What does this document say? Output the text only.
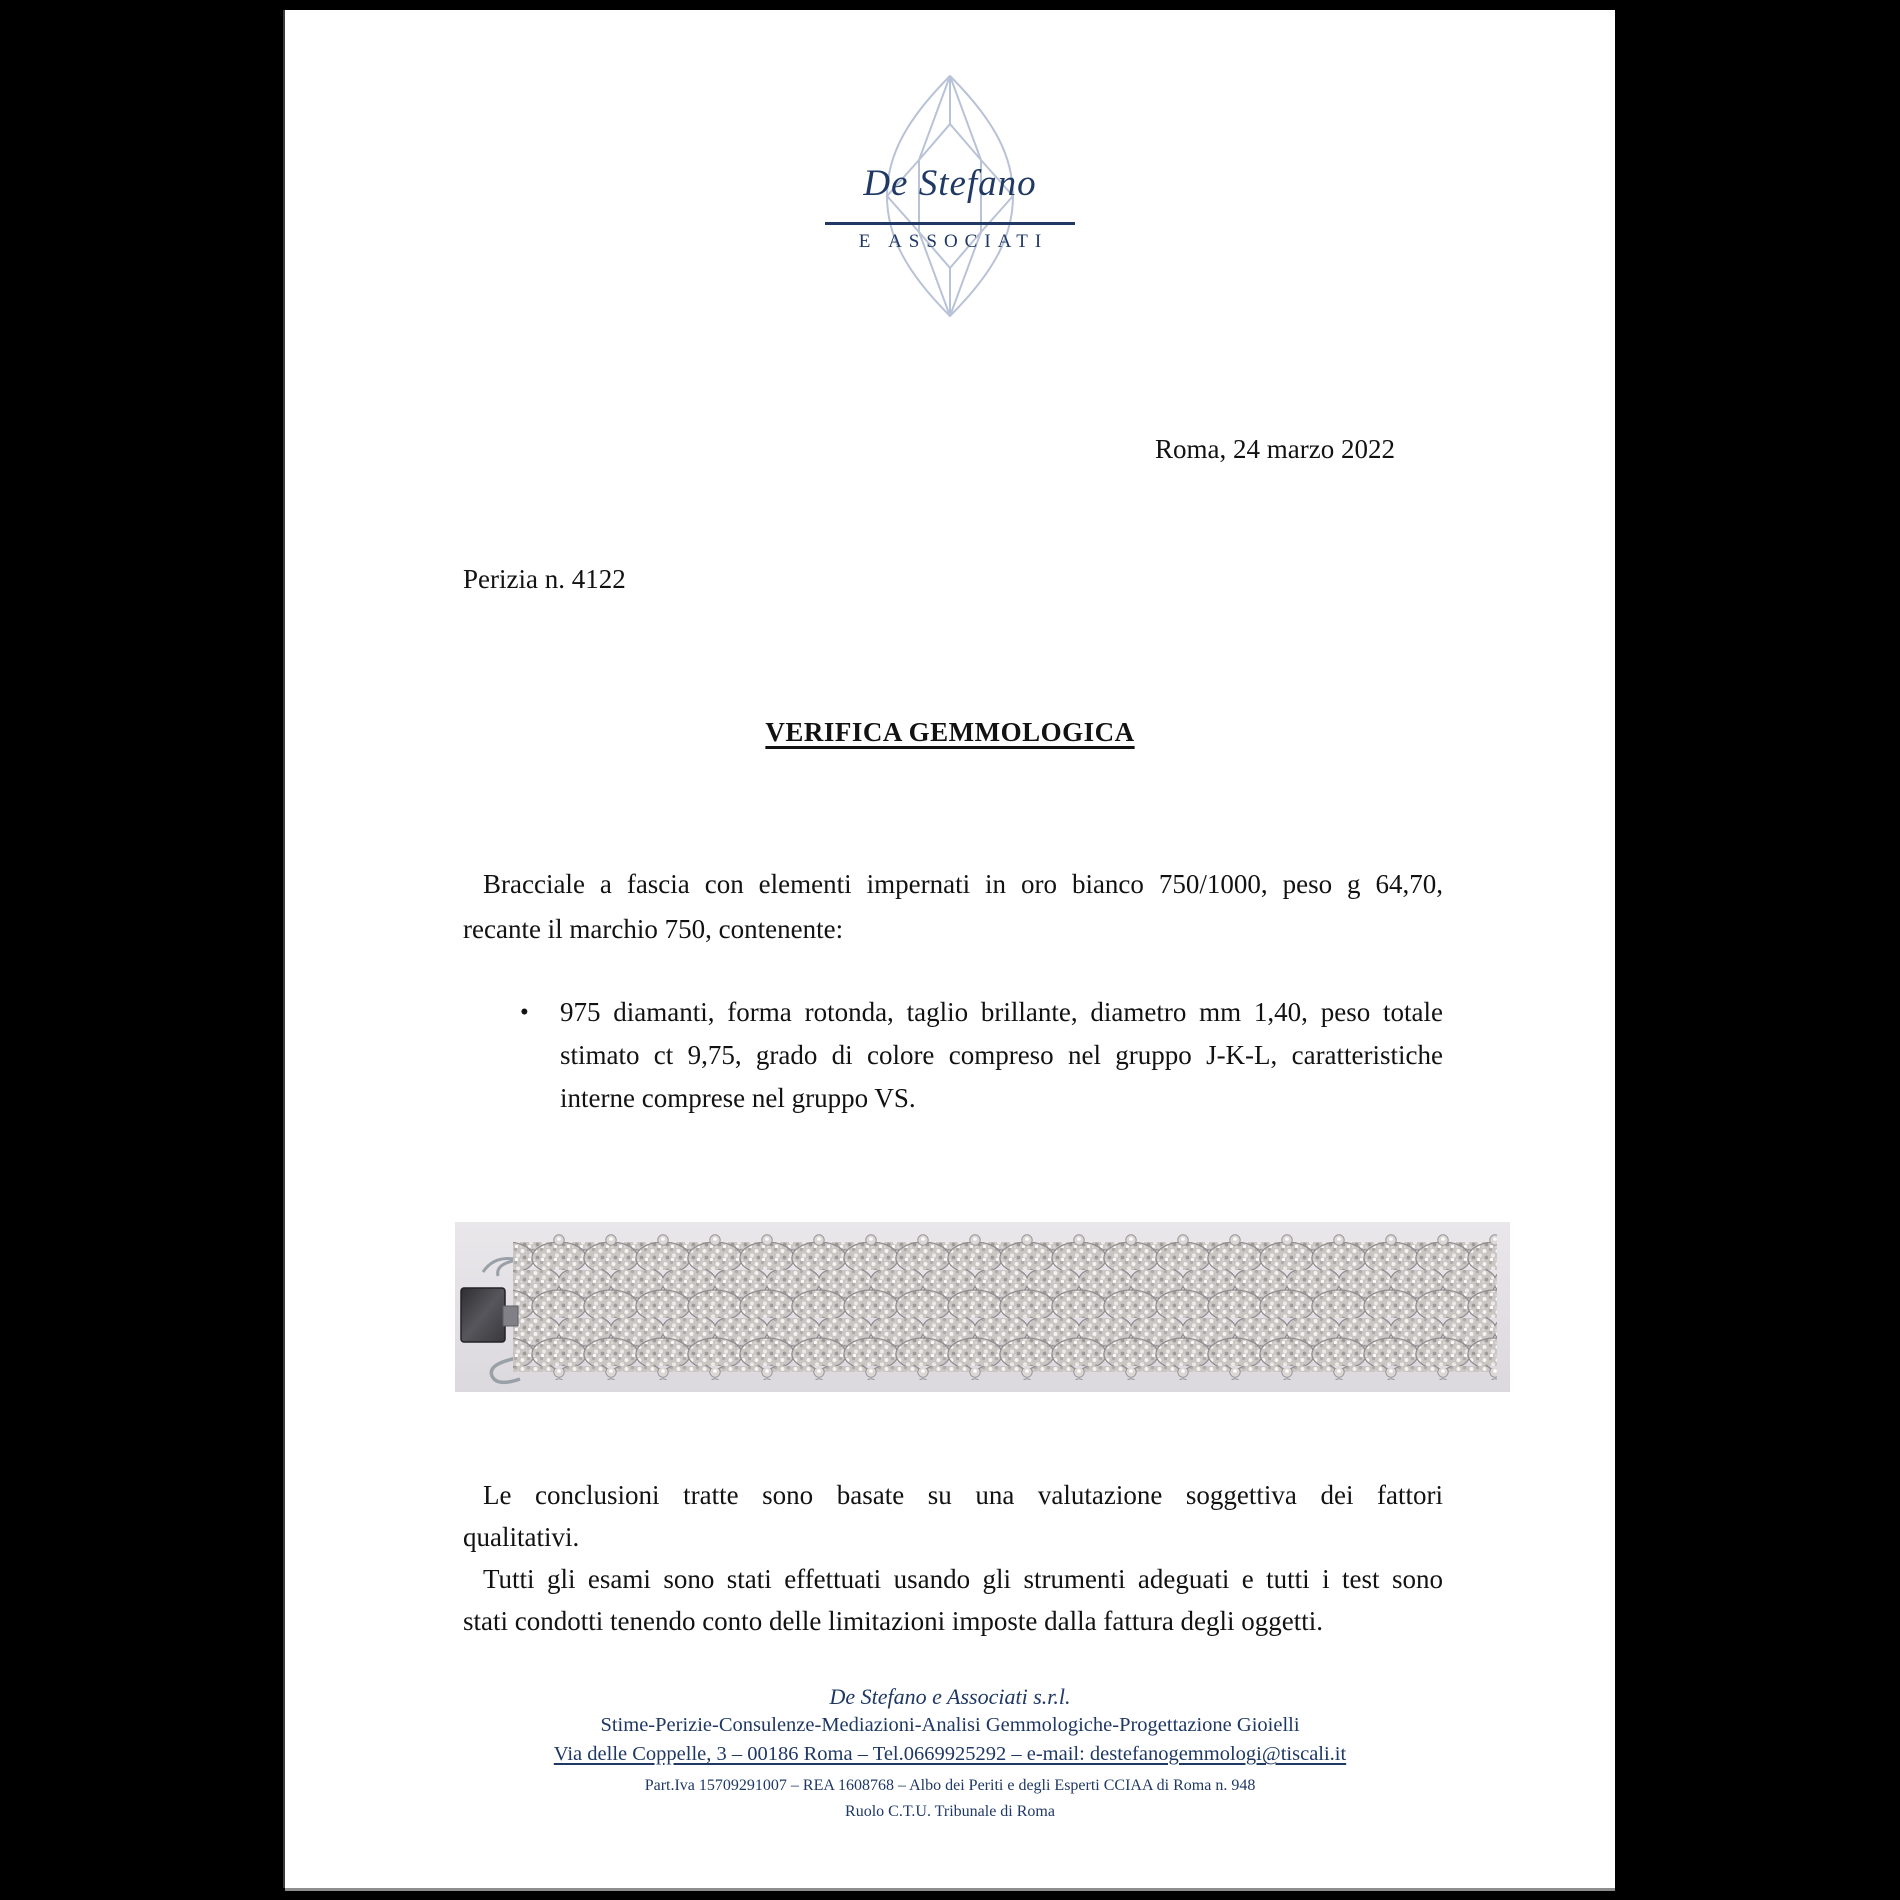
De Stefano
E ASSOCIATI
Roma, 24 marzo 2022
Perizia n. 4122
VERIFICA GEMMOLOGICA
Bracciale a fascia con elementi impernati in oro bianco 750/1000, peso g 64,70,
recante il marchio 750, contenente:
•	975 diamanti, forma rotonda, taglio brillante, diametro mm 1,40, peso totale
stimato ct 9,75, grado di colore compreso nel gruppo J-K-L, caratteristiche
interne comprese nel gruppo VS.
Le conclusioni tratte sono basate su una valutazione soggettiva dei fattori
qualitativi.
Tutti gli esami sono stati effettuati usando gli strumenti adeguati e tutti i test sono
stati condotti tenendo conto delle limitazioni imposte dalla fattura degli oggetti.
De Stefano e Associati s.r.l.
Stime-Perizie-Consulenze-Mediazioni-Analisi Gemmologiche-Progettazione Gioielli
Via delle Coppelle, 3 – 00186 Roma – Tel.0669925292 – e-mail: destefanogemmologi@tiscali.it
Part.Iva 15709291007 – REA 1608768 – Albo dei Periti e degli Esperti CCIAA di Roma n. 948
Ruolo C.T.U. Tribunale di Roma
